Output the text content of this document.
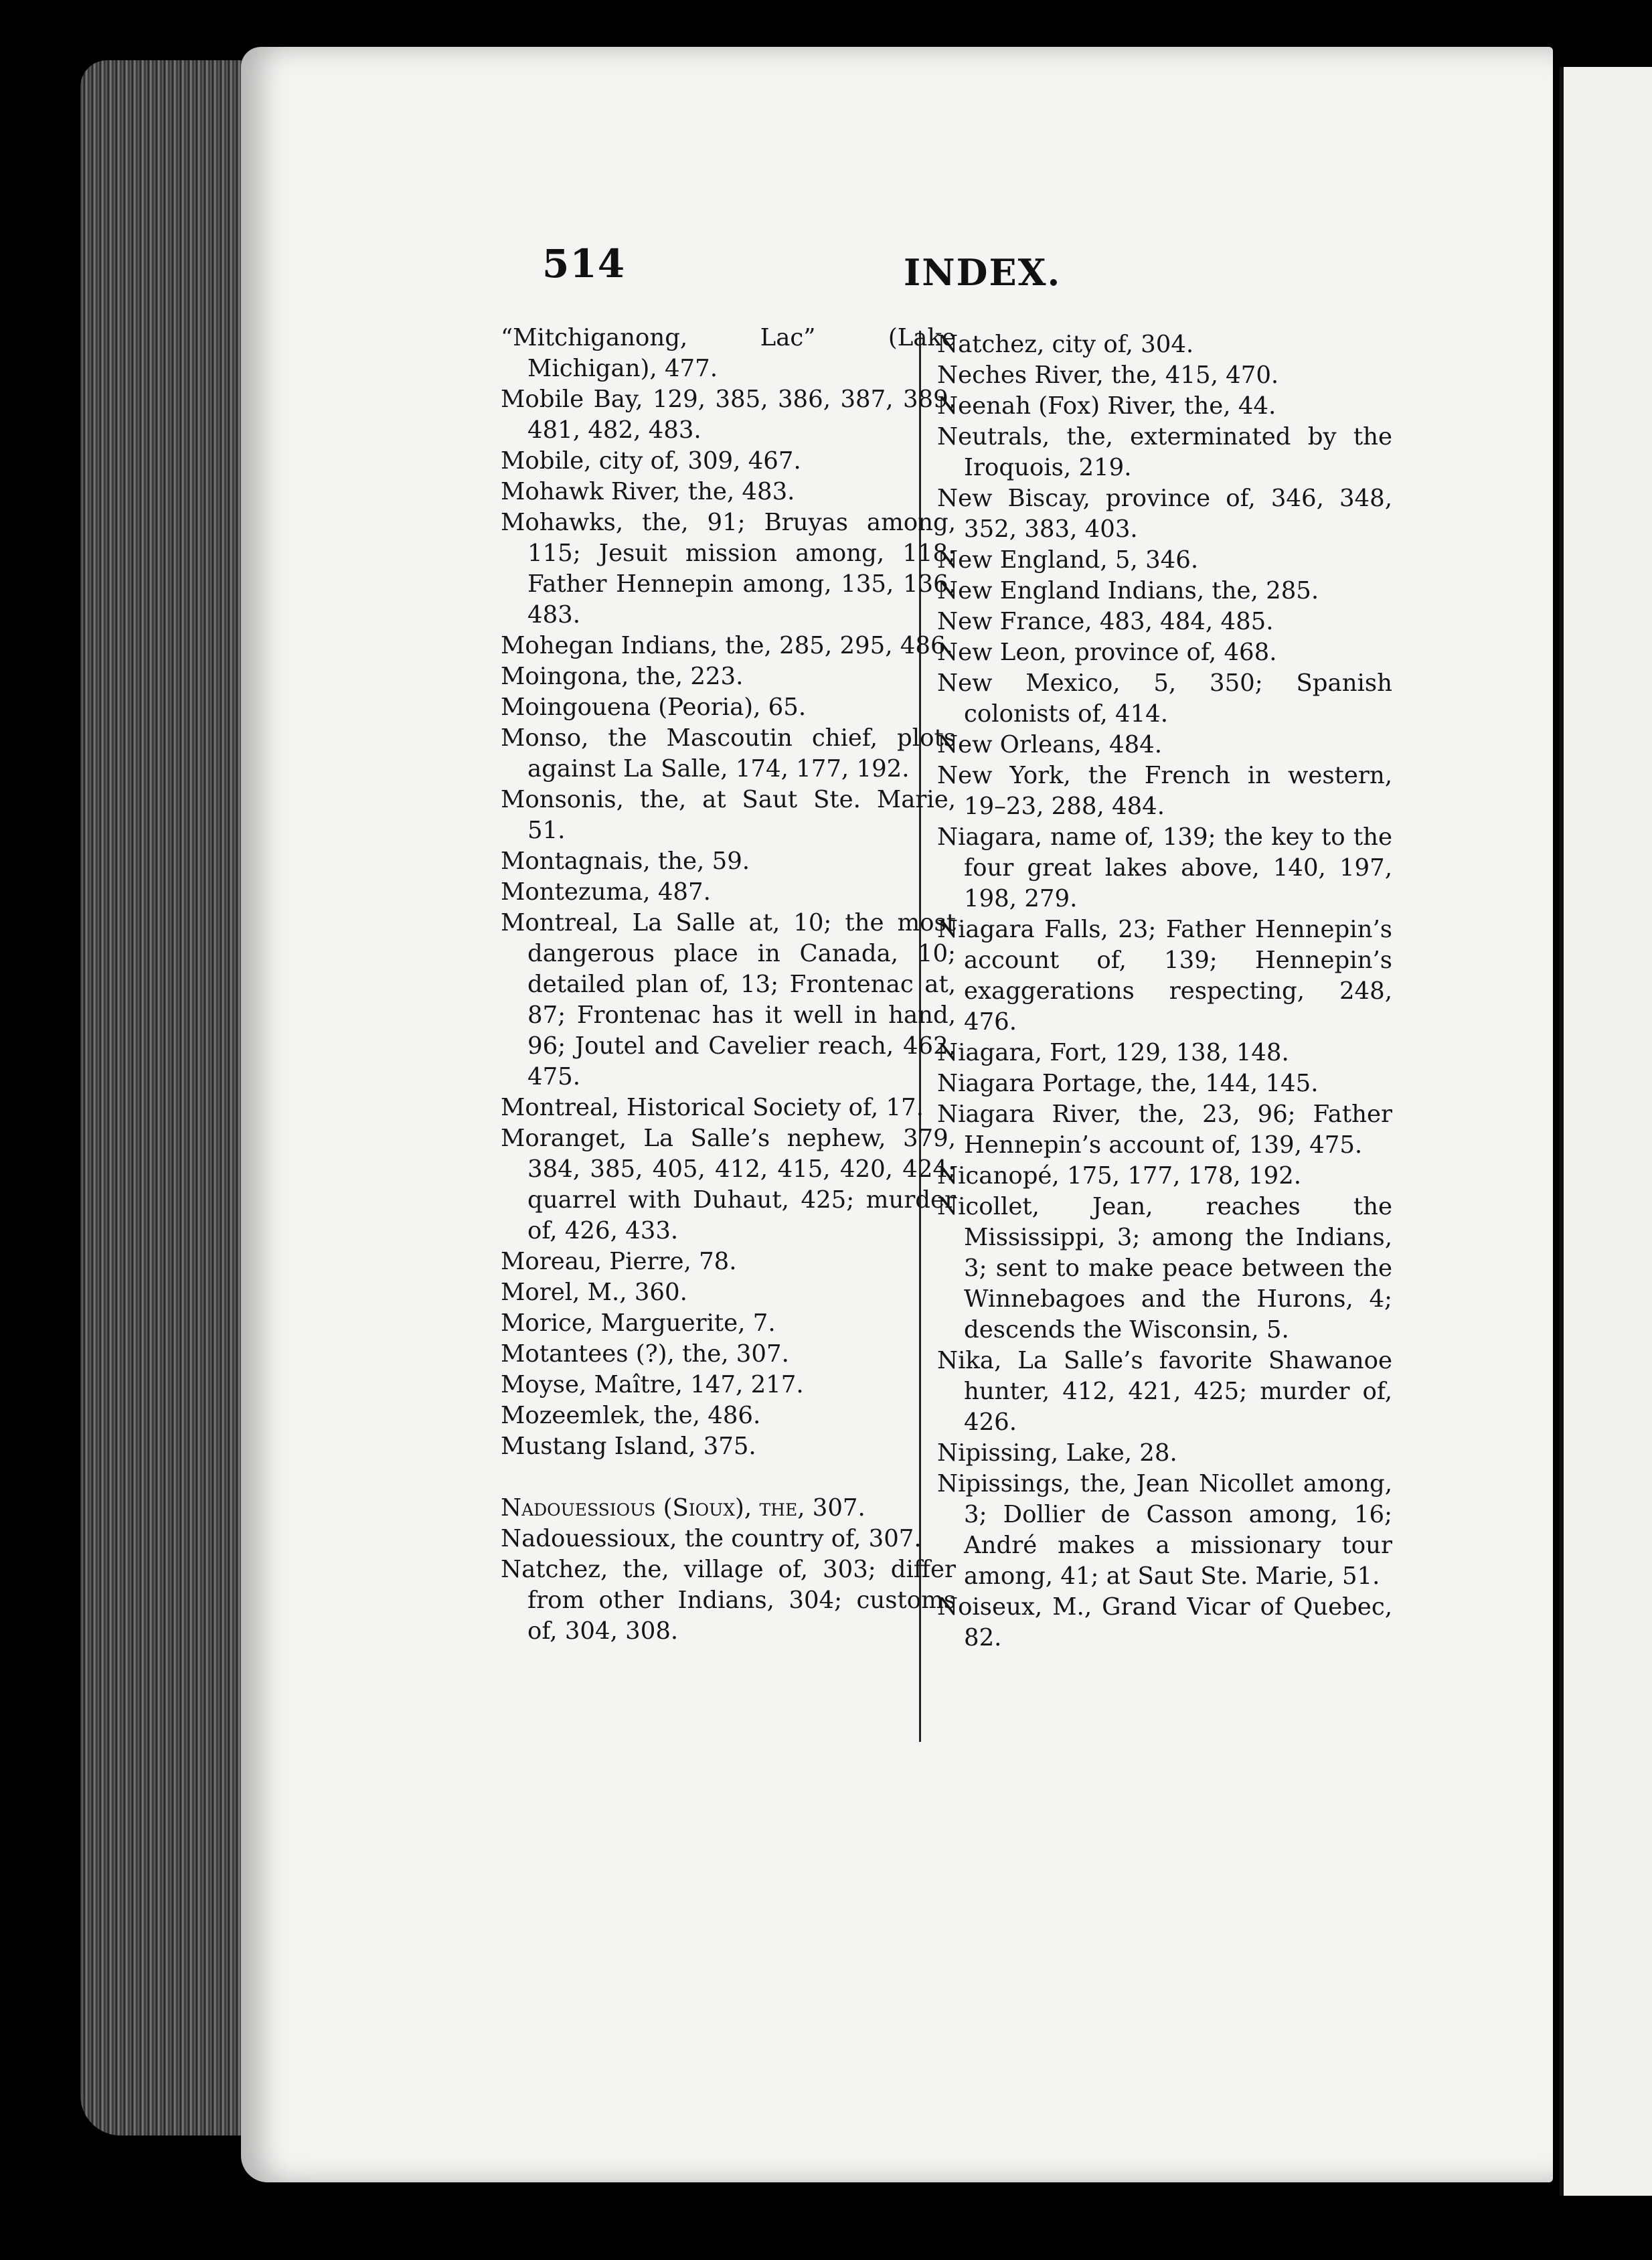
514	INDEX.

“Mitchiganong, Lac” (Lake Michigan), 477.

Mobile Bay, 129, 385, 386, 387, 389, 481, 482, 483.

Mobile, city of, 309, 467.

Mohawk River, the, 483.

Mohawks, the, 91; Bruyas among, 115; Jesuit mission among, 118; Father Hennepin among, 135, 136, 483.

Mohegan Indians, the, 285, 295, 486.

Moingona, the, 223.

Moingouena (Peoria), 65.

Monso, the Mascoutin chief, plots against La Salle, 174, 177, 192.

Monsonis, the, at Saut Ste. Marie, 51.

Montagnais, the, 59.

Montezuma, 487.

Montreal, La Salle at, 10; the most dangerous place in Canada, 10; detailed plan of, 13; Frontenac at, 87; Frontenac has it well in hand, 96; Joutel and Cavelier reach, 462, 475.

Montreal, Historical Society of, 17.

Moranget, La Salle’s nephew, 379, 384, 385, 405, 412, 415, 420, 424; quarrel with Duhaut, 425; murder of, 426, 433.

Moreau, Pierre, 78.

Morel, M., 360.

Morice, Marguerite, 7.

Motantees (?), the, 307.

Moyse, Maître, 147, 217.

Mozeemlek, the, 486.

Mustang Island, 375.

Nadouessious (Sioux), the, 307.

Nadouessioux, the country of, 307.

Natchez, the, village of, 303; differ from other Indians, 304; customs of, 304, 308.

Natchez, city of, 304.

Neches River, the, 415, 470.

Neenah (Fox) River, the, 44.

Neutrals, the, exterminated by the Iroquois, 219.

New Biscay, province of, 346, 348, 352, 383, 403.

New England, 5, 346.

New England Indians, the, 285.

New France, 483, 484, 485.

New Leon, province of, 468.

New Mexico, 5, 350; Spanish colonists of, 414.

New Orleans, 484.

New York, the French in western, 19–23, 288, 484.

Niagara, name of, 139; the key to the four great lakes above, 140, 197, 198, 279.

Niagara Falls, 23; Father Hennepin’s account of, 139; Hennepin’s exaggerations respecting, 248, 476.

Niagara, Fort, 129, 138, 148.

Niagara Portage, the, 144, 145.

Niagara River, the, 23, 96; Father Hennepin’s account of, 139, 475.

Nicanopé, 175, 177, 178, 192.

Nicollet, Jean, reaches the Mississippi, 3; among the Indians, 3; sent to make peace between the Winnebagoes and the Hurons, 4; descends the Wisconsin, 5.

Nika, La Salle’s favorite Shawanoe hunter, 412, 421, 425; murder of, 426.

Nipissing, Lake, 28.

Nipissings, the, Jean Nicollet among, 3; Dollier de Casson among, 16; André makes a missionary tour among, 41; at Saut Ste. Marie, 51.

Noiseux, M., Grand Vicar of Quebec, 82.
